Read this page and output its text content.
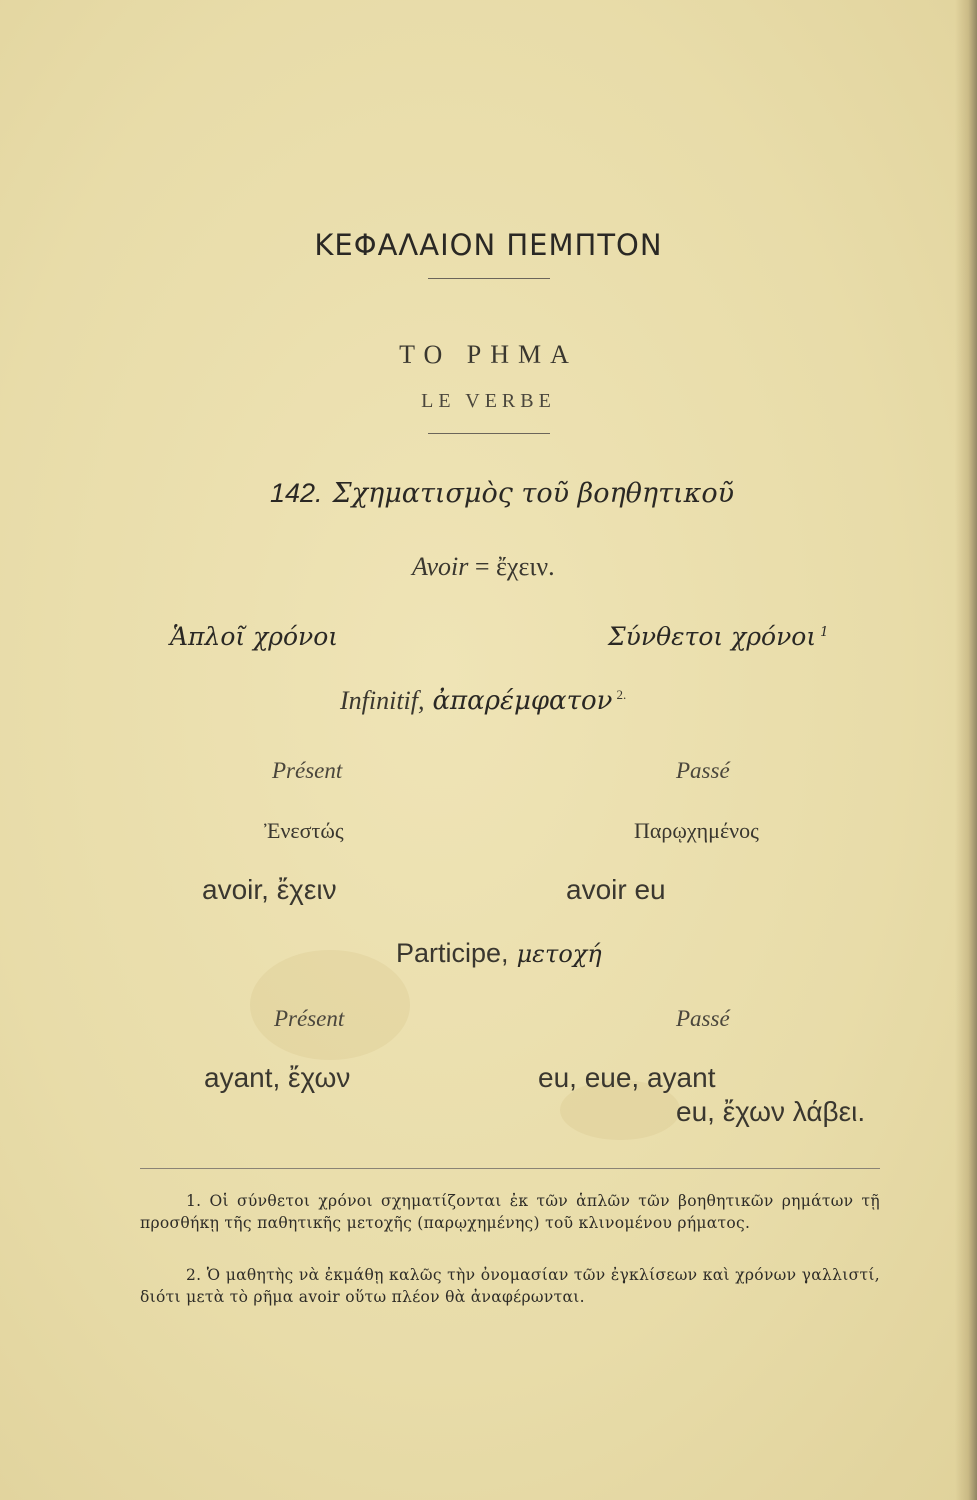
ΚΕΦΑΛΑΙΟΝ ΠΕΜΠΤΟΝ
ΤΟ ΡΗΜΑ
LE VERBE
142. Σχηματισμὸς τοῦ βοηθητικοῦ
Avoir = ἔχειν.
Ἁπλοῖ χρόνοι	Σύνθετοι χρόνοι $^1$
Infinitif, ἀπαρέμφατον $^{2.}$
Présent	Passé
Ἐνεστώς	Παρῳχημένος
avoir, ἔχειν	avoir eu
Participe, μετοχή
Présent	Passé
ayant, ἔχων	eu, eue, ayant
eu, ἔχων λάβει.
1. Οἱ σύνθετοι χρόνοι σχηματίζονται ἐκ τῶν ἁπλῶν τῶν βοηθητικῶν ρημάτων τῇ προσθήκῃ τῆς παθητικῆς μετοχῆς (παρῳχημένης) τοῦ κλινομένου ρήματος.
2. Ὁ μαθητὴς νὰ ἐκμάθῃ καλῶς τὴν ὀνομασίαν τῶν ἐγκλίσεων καὶ χρόνων γαλλιστί, διότι μετὰ τὸ ρῆμα avoir οὕτω πλέον θὰ ἀναφέρωνται.
